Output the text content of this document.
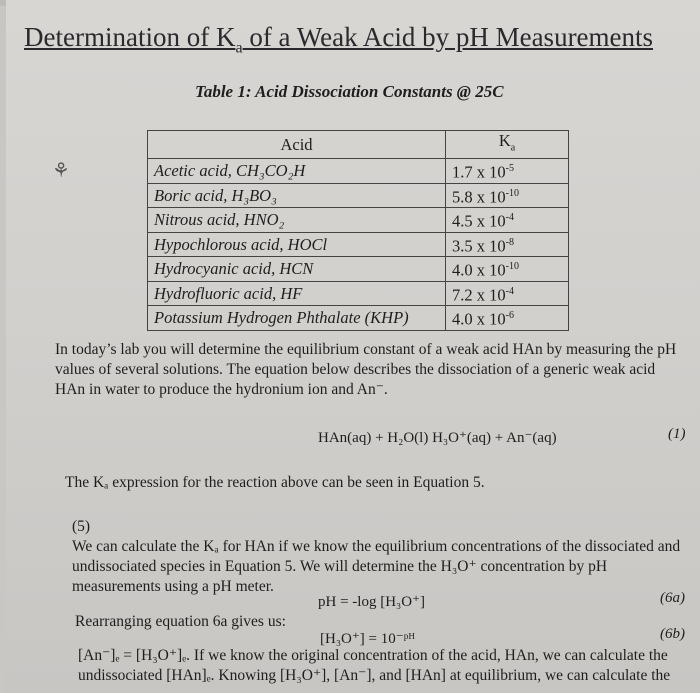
Determination of $K_a$ of a Weak Acid by pH Measurements
Table 1: Acid Dissociation Constants @ 25C
⚘
Acid	$K_a$
Acetic acid, CH₃CO₂H	1.7 x $10^{-5}$
Boric acid, H₃BO₃	5.8 x $10^{-10}$
Nitrous acid, HNO₂	4.5 x $10^{-4}$
Hypochlorous acid, HOCl	3.5 x $10^{-8}$
Hydrocyanic acid, HCN	4.0 x $10^{-10}$
Hydrofluoric acid, HF	7.2 x $10^{-4}$
Potassium Hydrogen Phthalate (KHP)	4.0 x $10^{-6}$
In today’s lab you will determine the equilibrium constant of a weak acid HAn by measuring the pH values of several solutions. The equation below describes the dissociation of a generic weak acid HAn in water to produce the hydronium ion and An⁻.
HAn(aq) + H₂O(l) H₃O⁺(aq) + An⁻(aq)	(1)
The Kₐ expression for the reaction above can be seen in Equation 5.
(5)
We can calculate the Kₐ for HAn if we know the equilibrium concentrations of the dissociated and undissociated species in Equation 5. We will determine the H₃O⁺ concentration by pH measurements using a pH meter.
pH = -log [H₃O⁺]	(6a)
Rearranging equation 6a gives us:
[H₃O⁺] = 10⁻ᵖᴴ	(6b)
[An⁻]ₑ = [H₃O⁺]ₑ. If we know the original concentration of the acid, HAn, we can calculate the undissociated [HAn]ₑ. Knowing [H₃O⁺], [An⁻], and [HAn] at equilibrium, we can calculate the
